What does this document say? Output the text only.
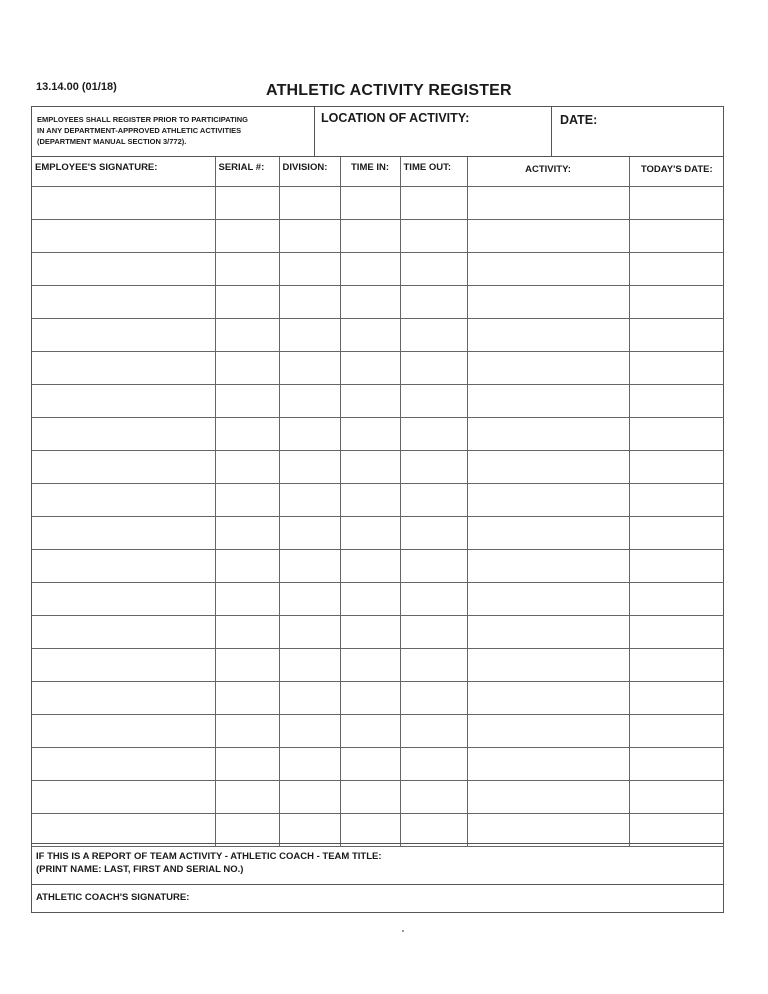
13.14.00 (01/18)	ATHLETIC ACTIVITY REGISTER
EMPLOYEES SHALL REGISTER PRIOR TO PARTICIPATING
IN ANY DEPARTMENT-APPROVED ATHLETIC ACTIVITIES
(DEPARTMENT MANUAL SECTION 3/772).
LOCATION OF ACTIVITY:	DATE:
EMPLOYEE'S SIGNATURE:	SERIAL #:	DIVISION:	TIME IN:	TIME OUT:	ACTIVITY:	TODAY'S DATE:

IF THIS IS A REPORT OF TEAM ACTIVITY - ATHLETIC COACH - TEAM TITLE:
(PRINT NAME: LAST, FIRST AND SERIAL NO.)
ATHLETIC COACH'S SIGNATURE:
